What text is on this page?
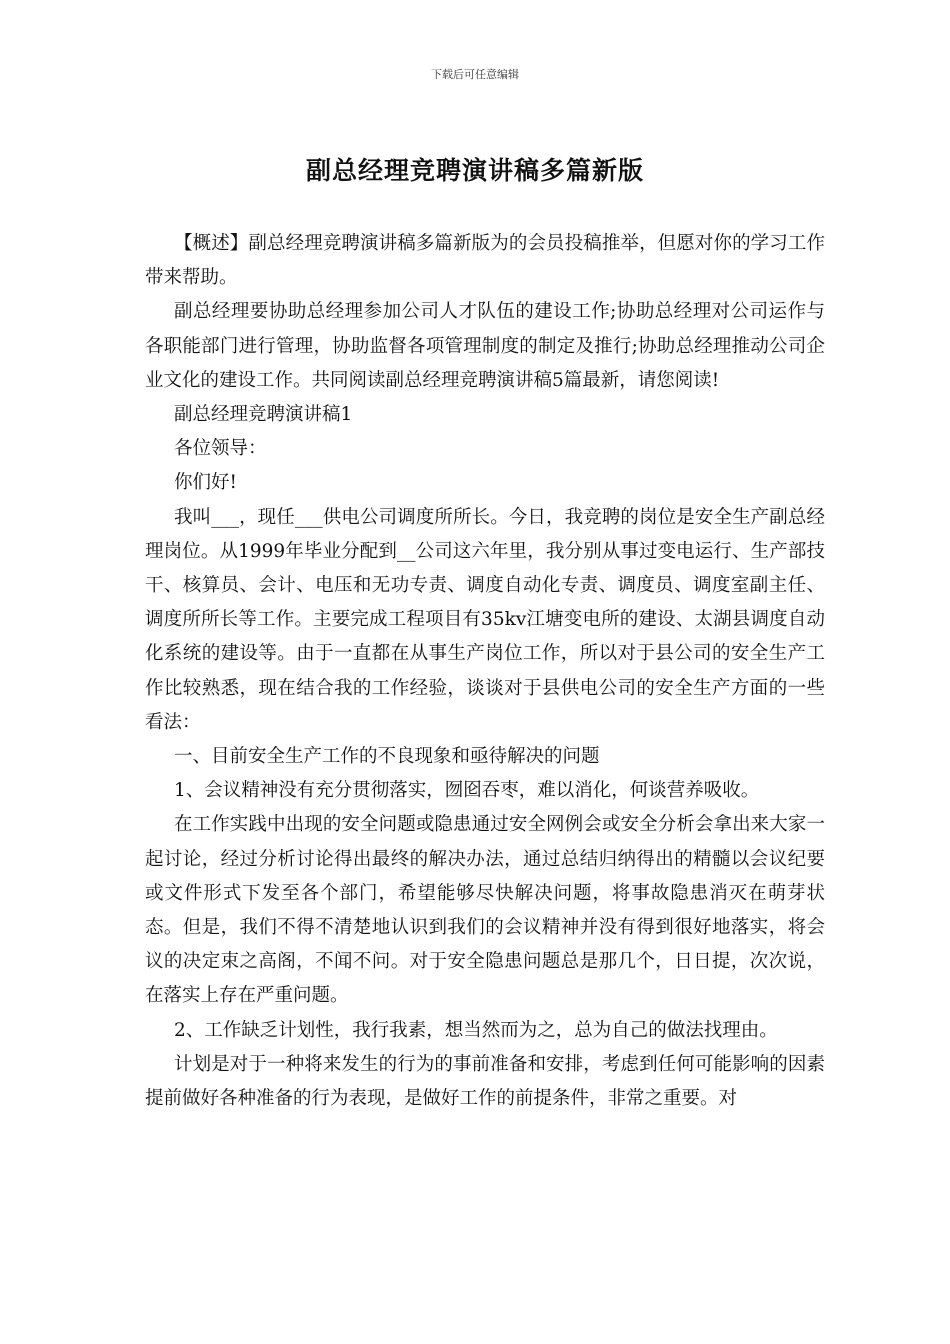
下载后可任意编辑
副总经理竞聘演讲稿多篇新版

【概述】副总经理竞聘演讲稿多篇新版为的会员投稿推举，但愿对你的学习工作带来帮助。

副总经理要协助总经理参加公司人才队伍的建设工作;协助总经理对公司运作与各职能部门进行管理，协助监督各项管理制度的制定及推行;协助总经理推动公司企业文化的建设工作。共同阅读副总经理竞聘演讲稿5篇最新，请您阅读!

副总经理竞聘演讲稿1

各位领导：

你们好!

我叫___，现任___供电公司调度所所长。今日，我竞聘的岗位是安全生产副总经理岗位。从1999年毕业分配到__公司这六年里，我分别从事过变电运行、生产部技干、核算员、会计、电压和无功专责、调度自动化专责、调度员、调度室副主任、调度所所长等工作。主要完成工程项目有35kv江塘变电所的建设、太湖县调度自动化系统的建设等。由于一直都在从事生产岗位工作，所以对于县公司的安全生产工作比较熟悉，现在结合我的工作经验，谈谈对于县供电公司的安全生产方面的一些看法：

一、目前安全生产工作的不良现象和亟待解决的问题

1、会议精神没有充分贯彻落实，囫囵吞枣，难以消化，何谈营养吸收。

在工作实践中出现的安全问题或隐患通过安全网例会或安全分析会拿出来大家一起讨论，经过分析讨论得出最终的解决办法，通过总结归纳得出的精髓以会议纪要或文件形式下发至各个部门，希望能够尽快解决问题，将事故隐患消灭在萌芽状态。但是，我们不得不清楚地认识到我们的会议精神并没有得到很好地落实，将会议的决定束之高阁，不闻不问。对于安全隐患问题总是那几个，日日提，次次说，在落实上存在严重问题。

2、工作缺乏计划性，我行我素，想当然而为之，总为自己的做法找理由。

计划是对于一种将来发生的行为的事前准备和安排，考虑到任何可能影响的因素提前做好各种准备的行为表现，是做好工作的前提条件，非常之重要。对
